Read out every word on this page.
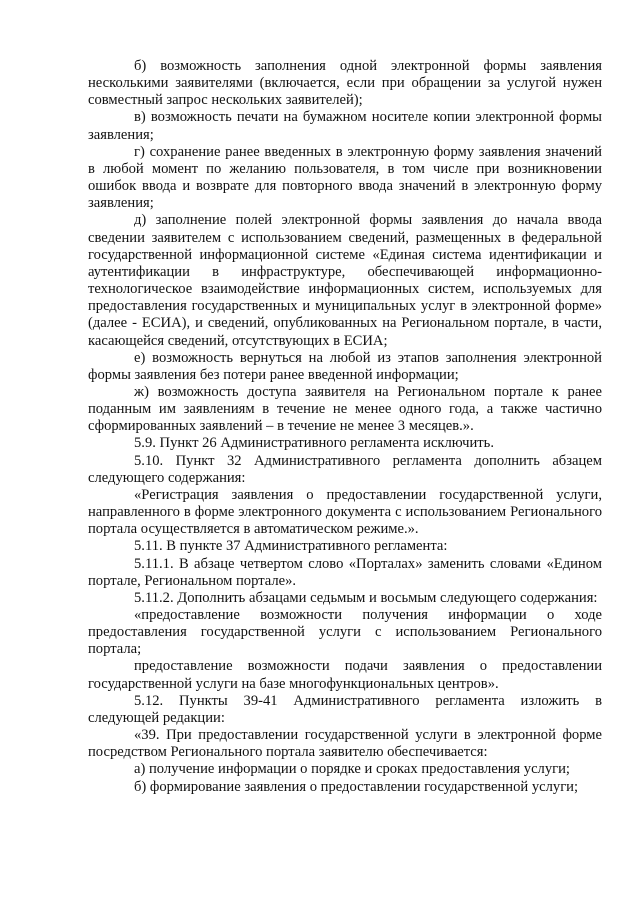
б) возможность заполнения одной электронной формы заявления несколькими заявителями (включается, если при обращении за услугой нужен совместный запрос нескольких заявителей);

в) возможность печати на бумажном носителе копии электронной формы заявления;

г) сохранение ранее введенных в электронную форму заявления значений в любой момент по желанию пользователя, в том числе при возникновении ошибок ввода и возврате для повторного ввода значений в электронную форму заявления;

д) заполнение полей электронной формы заявления до начала ввода сведении заявителем с использованием сведений, размещенных в федеральной государственной информационной системе «Единая система идентификации и аутентификации в инфраструктуре, обеспечивающей информационно-технологическое взаимодействие информационных систем, используемых для предоставления государственных и муниципальных услуг в электронной форме» (далее - ЕСИА), и сведений, опубликованных на Региональном портале, в части, касающейся сведений, отсутствующих в ЕСИА;

е) возможность вернуться на любой из этапов заполнения электронной формы заявления без потери ранее введенной информации;

ж) возможность доступа заявителя на Региональном портале к ранее поданным им заявлениям в течение не менее одного года, а также частично сформированных заявлений – в течение не менее 3 месяцев.».

5.9. Пункт 26 Административного регламента исключить.

5.10. Пункт 32 Административного регламента дополнить абзацем следующего содержания:

«Регистрация заявления о предоставлении государственной услуги, направленного в форме электронного документа с использованием Регионального портала осуществляется в автоматическом режиме.».

5.11. В пункте 37 Административного регламента:

5.11.1. В абзаце четвертом слово «Порталах» заменить словами «Едином портале, Региональном портале».

5.11.2. Дополнить абзацами седьмым и восьмым следующего содержания:

«предоставление возможности получения информации о ходе предоставления государственной услуги с использованием Регионального портала;

предоставление возможности подачи заявления о предоставлении государственной услуги на базе многофункциональных центров».

5.12. Пункты 39-41 Административного регламента изложить в следующей редакции:

«39. При предоставлении государственной услуги в электронной форме посредством Регионального портала заявителю обеспечивается:

а) получение информации о порядке и сроках предоставления услуги;

б) формирование заявления о предоставлении государственной услуги;
